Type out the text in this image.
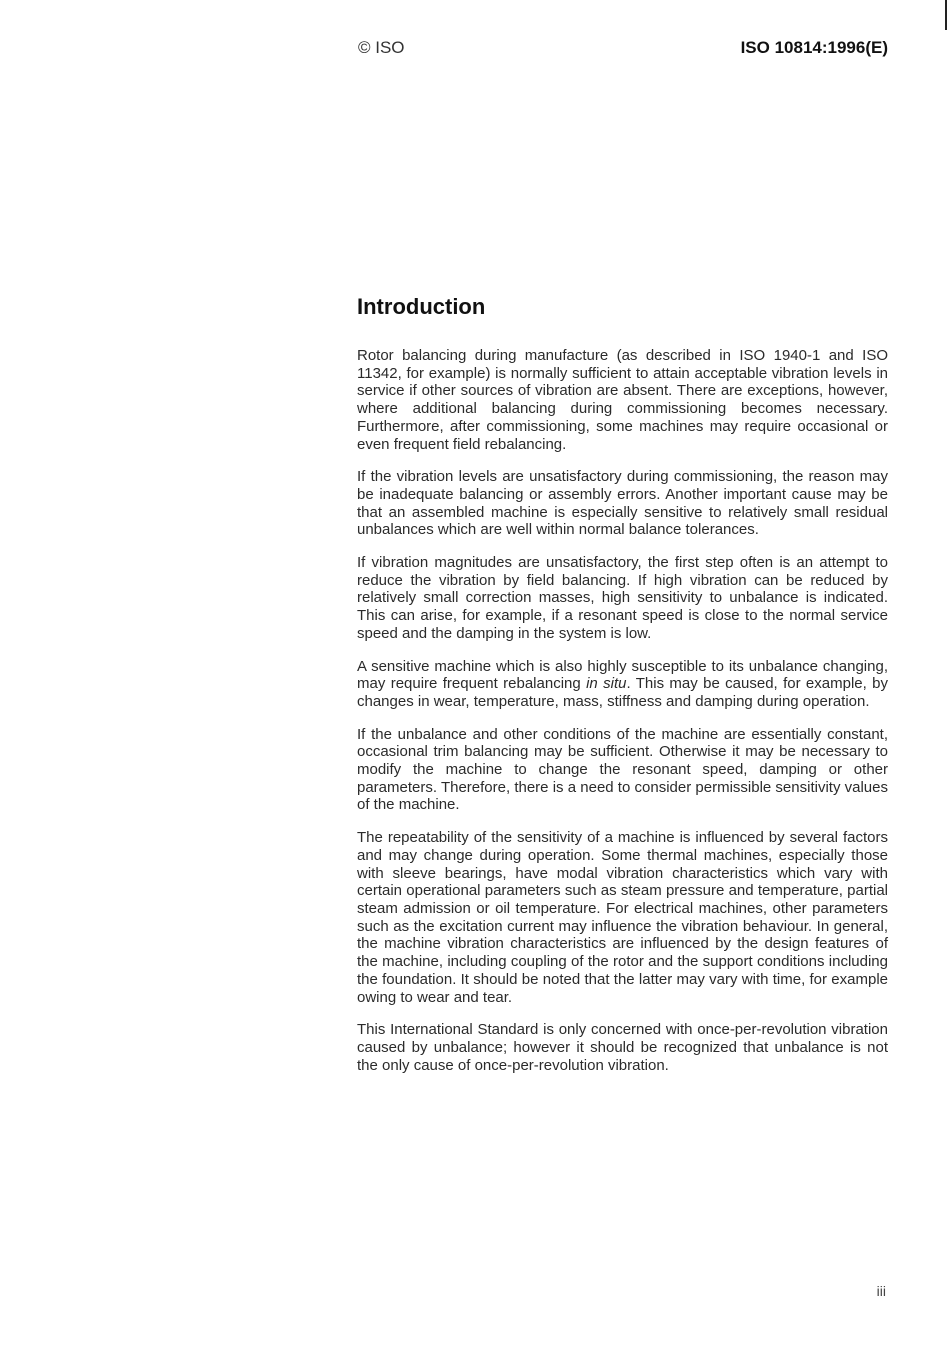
© ISO	ISO 10814:1996(E)
Introduction

Rotor balancing during manufacture (as described in ISO 1940-1 and ISO 11342, for example) is normally sufficient to attain acceptable vibration levels in service if other sources of vibration are absent. There are exceptions, however, where additional balancing during commissioning becomes necessary. Furthermore, after commissioning, some machines may require occasional or even frequent field rebalancing.

If the vibration levels are unsatisfactory during commissioning, the reason may be inadequate balancing or assembly errors. Another important cause may be that an assembled machine is especially sensitive to relatively small residual unbalances which are well within normal balance tolerances.

If vibration magnitudes are unsatisfactory, the first step often is an attempt to reduce the vibration by field balancing. If high vibration can be reduced by relatively small correction masses, high sensitivity to unbalance is indicated. This can arise, for example, if a resonant speed is close to the normal service speed and the damping in the system is low.

A sensitive machine which is also highly susceptible to its unbalance changing, may require frequent rebalancing in situ. This may be caused, for example, by changes in wear, temperature, mass, stiffness and damping during operation.

If the unbalance and other conditions of the machine are essentially constant, occasional trim balancing may be sufficient. Otherwise it may be necessary to modify the machine to change the resonant speed, damping or other parameters. Therefore, there is a need to consider permissible sensitivity values of the machine.

The repeatability of the sensitivity of a machine is influenced by several factors and may change during operation. Some thermal machines, especially those with sleeve bearings, have modal vibration characteristics which vary with certain operational parameters such as steam pressure and temperature, partial steam admission or oil temperature. For electrical machines, other parameters such as the excitation current may influence the vibration behaviour. In general, the machine vibration characteristics are influenced by the design features of the machine, including coupling of the rotor and the support conditions including the foundation. It should be noted that the latter may vary with time, for example owing to wear and tear.

This International Standard is only concerned with once-per-revolution vibration caused by unbalance; however it should be recognized that unbalance is not the only cause of once-per-revolution vibration.

iii
